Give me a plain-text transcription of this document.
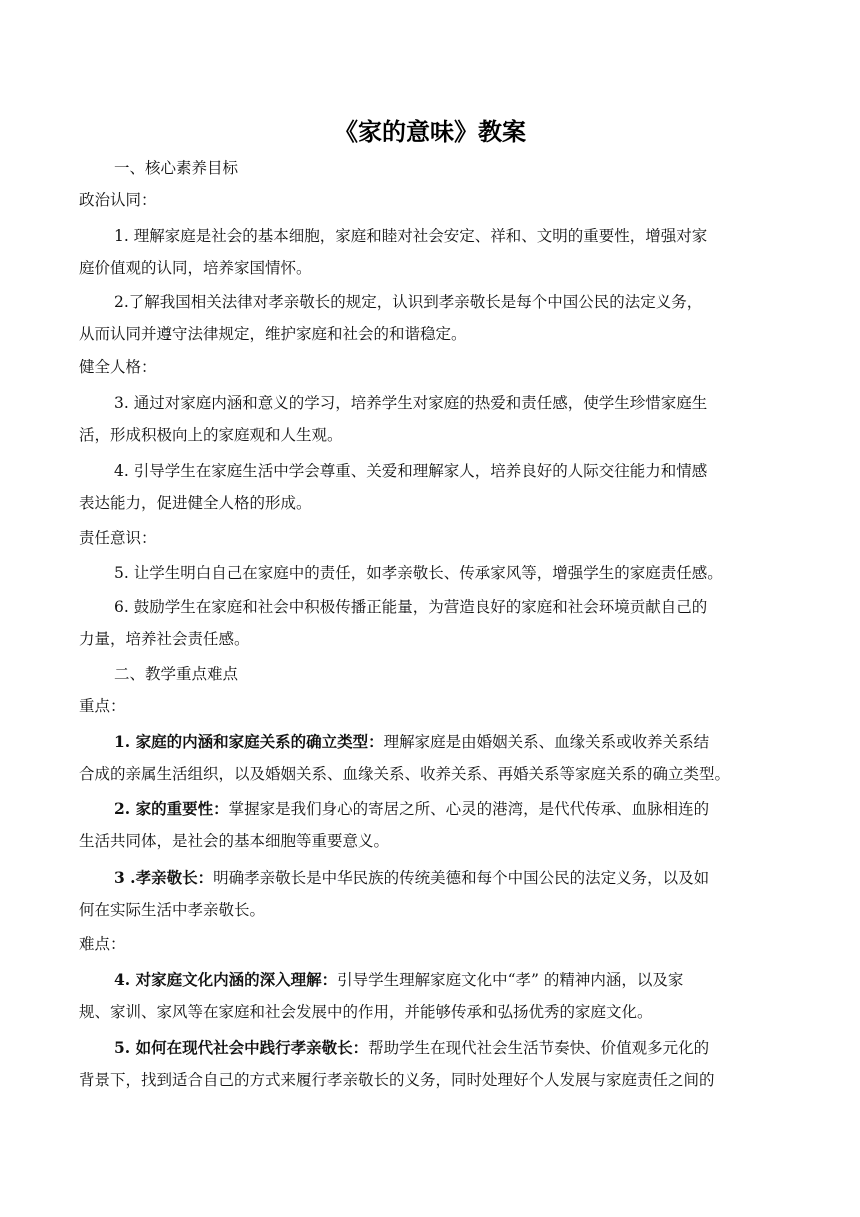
《家的意味》教案
一、核心素养目标
政治认同：
1. 理解家庭是社会的基本细胞，家庭和睦对社会安定、祥和、文明的重要性，增强对家
庭价值观的认同，培养家国情怀。
2.了解我国相关法律对孝亲敬长的规定，认识到孝亲敬长是每个中国公民的法定义务，
从而认同并遵守法律规定，维护家庭和社会的和谐稳定。
健全人格：
3. 通过对家庭内涵和意义的学习，培养学生对家庭的热爱和责任感，使学生珍惜家庭生
活，形成积极向上的家庭观和人生观。
4. 引导学生在家庭生活中学会尊重、关爱和理解家人，培养良好的人际交往能力和情感
表达能力，促进健全人格的形成。
责任意识：
5. 让学生明白自己在家庭中的责任，如孝亲敬长、传承家风等，增强学生的家庭责任感。
6. 鼓励学生在家庭和社会中积极传播正能量，为营造良好的家庭和社会环境贡献自己的
力量，培养社会责任感。
二、教学重点难点
重点：
1. 家庭的内涵和家庭关系的确立类型：理解家庭是由婚姻关系、血缘关系或收养关系结
合成的亲属生活组织，以及婚姻关系、血缘关系、收养关系、再婚关系等家庭关系的确立类型。
2. 家的重要性：掌握家是我们身心的寄居之所、心灵的港湾，是代代传承、血脉相连的
生活共同体，是社会的基本细胞等重要意义。
3 .孝亲敬长：明确孝亲敬长是中华民族的传统美德和每个中国公民的法定义务，以及如
何在实际生活中孝亲敬长。
难点：
4. 对家庭文化内涵的深入理解：引导学生理解家庭文化中“孝” 的精神内涵，以及家
规、家训、家风等在家庭和社会发展中的作用，并能够传承和弘扬优秀的家庭文化。
5. 如何在现代社会中践行孝亲敬长：帮助学生在现代社会生活节奏快、价值观多元化的
背景下，找到适合自己的方式来履行孝亲敬长的义务，同时处理好个人发展与家庭责任之间的
